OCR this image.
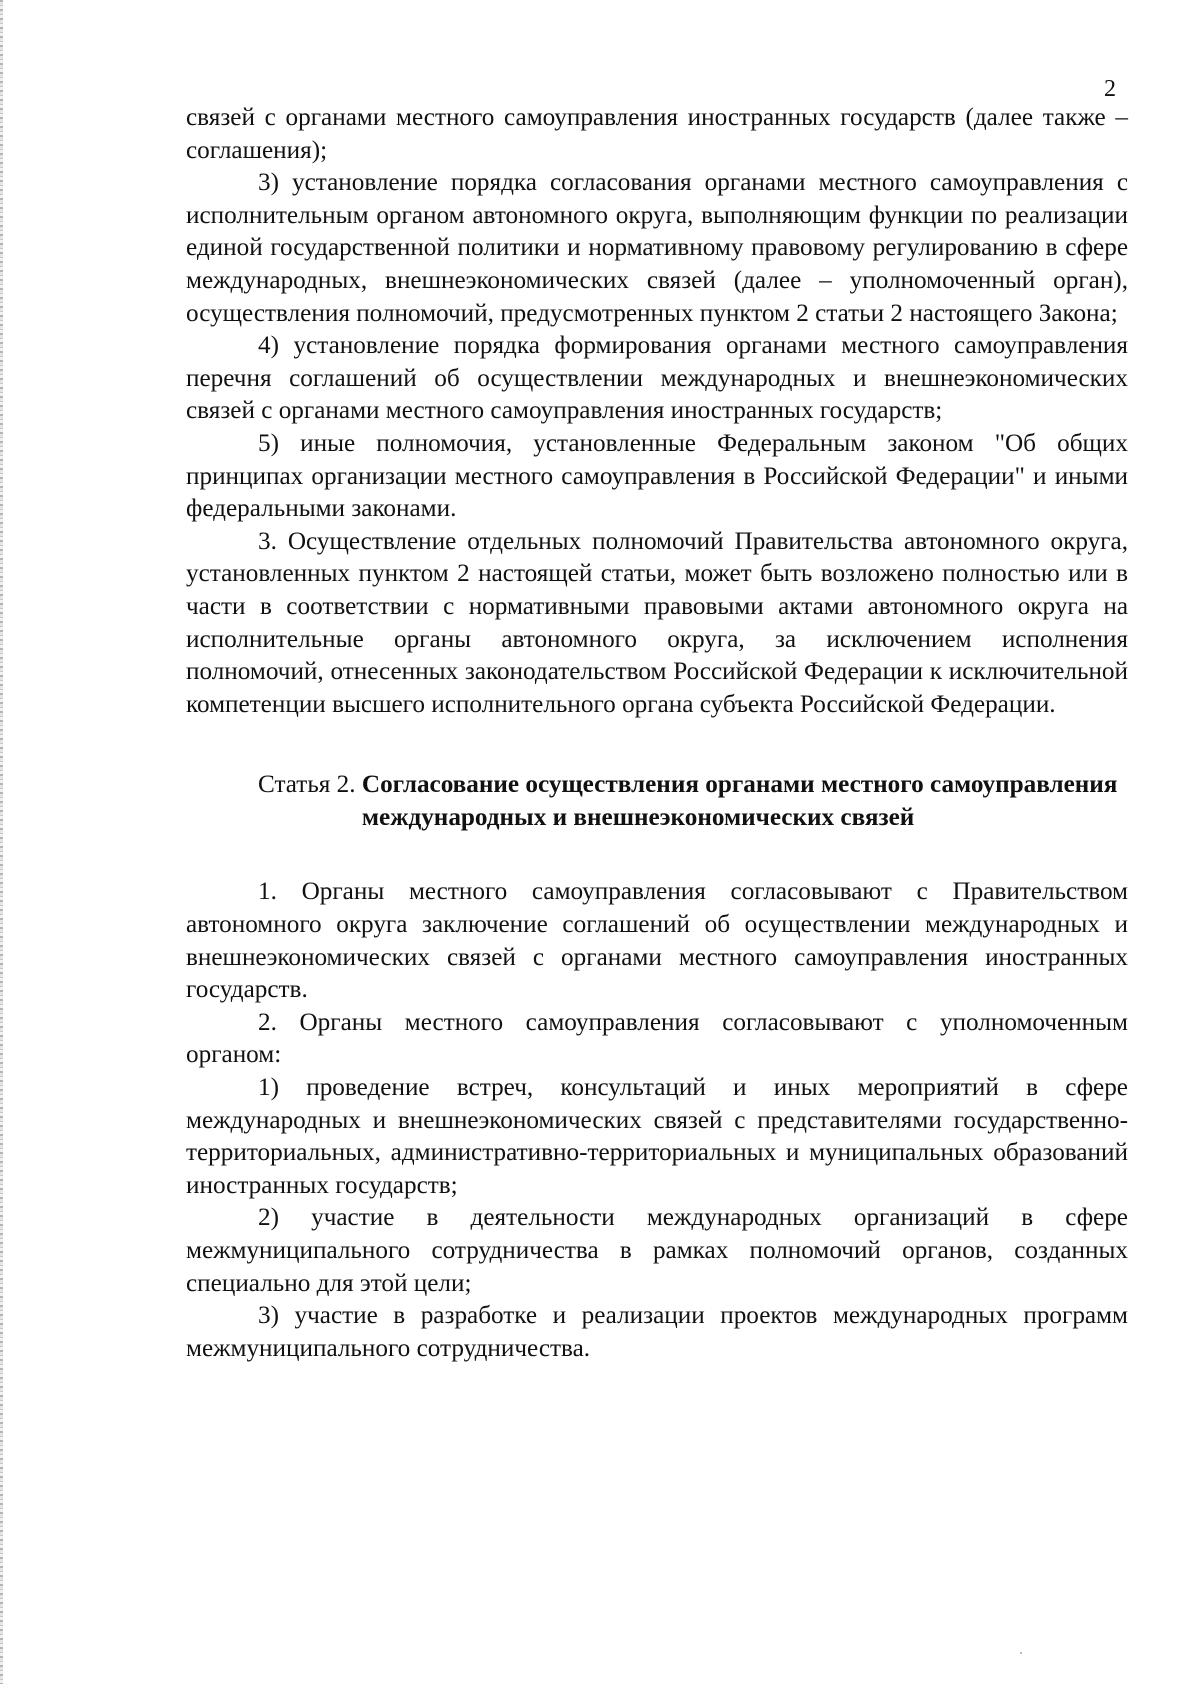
2

связей с органами местного самоуправления иностранных государств (далее также – соглашения);

3) установление порядка согласования органами местного самоуправления с исполнительным органом автономного округа, выполняющим функции по реализации единой государственной политики и нормативному правовому регулированию в сфере международных, внешнеэкономических связей (далее – уполномоченный орган), осуществления полномочий, предусмотренных пунктом 2 статьи 2 настоящего Закона;

4) установление порядка формирования органами местного самоуправления перечня соглашений об осуществлении международных и внешнеэкономических связей с органами местного самоуправления иностранных государств;

5) иные полномочия, установленные Федеральным законом "Об общих принципах организации местного самоуправления в Российской Федерации" и иными федеральными законами.

3. Осуществление отдельных полномочий Правительства автономного округа, установленных пунктом 2 настоящей статьи, может быть возложено полностью или в части в соответствии с нормативными правовыми актами автономного округа на исполнительные органы автономного округа, за исключением исполнения полномочий, отнесенных законодательством Российской Федерации к исключительной компетенции высшего исполнительного органа субъекта Российской Федерации.

Статья 2.
Согласование осуществления органами местного самоуправления международных и внешнеэкономических связей

1. Органы местного самоуправления согласовывают с Правительством автономного округа заключение соглашений об осуществлении международных и внешнеэкономических связей с органами местного самоуправления иностранных государств.

2. Органы местного самоуправления согласовывают с уполномоченным органом:

1) проведение встреч, консультаций и иных мероприятий в сфере международных и внешнеэкономических связей с представителями государственно-территориальных, административно-территориальных и муниципальных образований иностранных государств;

2) участие в деятельности международных организаций в сфере межмуниципального сотрудничества в рамках полномочий органов, созданных специально для этой цели;

3) участие в разработке и реализации проектов международных программ межмуниципального сотрудничества.
